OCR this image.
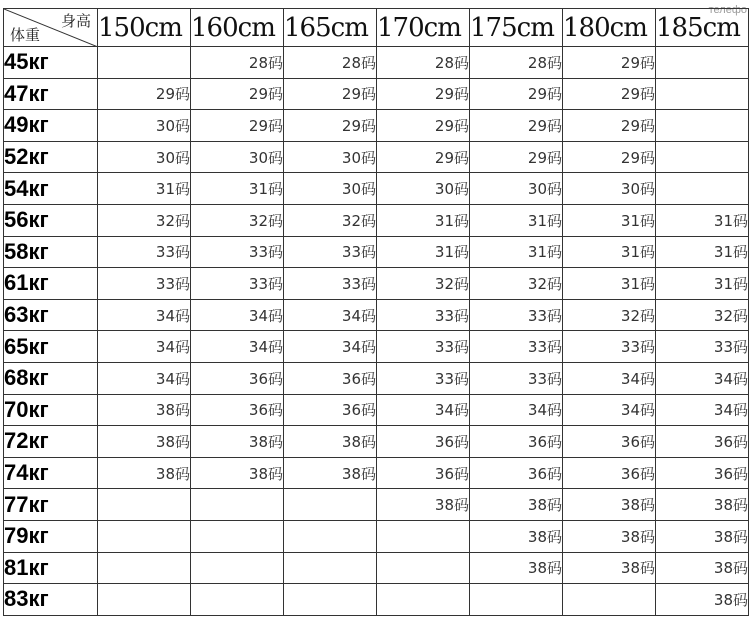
телефо
身高
体重	150cm	160cm	165cm	170cm	175cm	180cm	185cm
45кг		28码	28码	28码	28码	29码	
47кг	29码	29码	29码	29码	29码	29码	
49кг	30码	29码	29码	29码	29码	29码	
52кг	30码	30码	30码	29码	29码	29码	
54кг	31码	31码	30码	30码	30码	30码	
56кг	32码	32码	32码	31码	31码	31码	31码
58кг	33码	33码	33码	31码	31码	31码	31码
61кг	33码	33码	33码	32码	32码	31码	31码
63кг	34码	34码	34码	33码	33码	32码	32码
65кг	34码	34码	34码	33码	33码	33码	33码
68кг	34码	36码	36码	33码	33码	34码	34码
70кг	38码	36码	36码	34码	34码	34码	34码
72кг	38码	38码	38码	36码	36码	36码	36码
74кг	38码	38码	38码	36码	36码	36码	36码
77кг				38码	38码	38码	38码
79кг					38码	38码	38码
81кг					38码	38码	38码
83кг							38码
